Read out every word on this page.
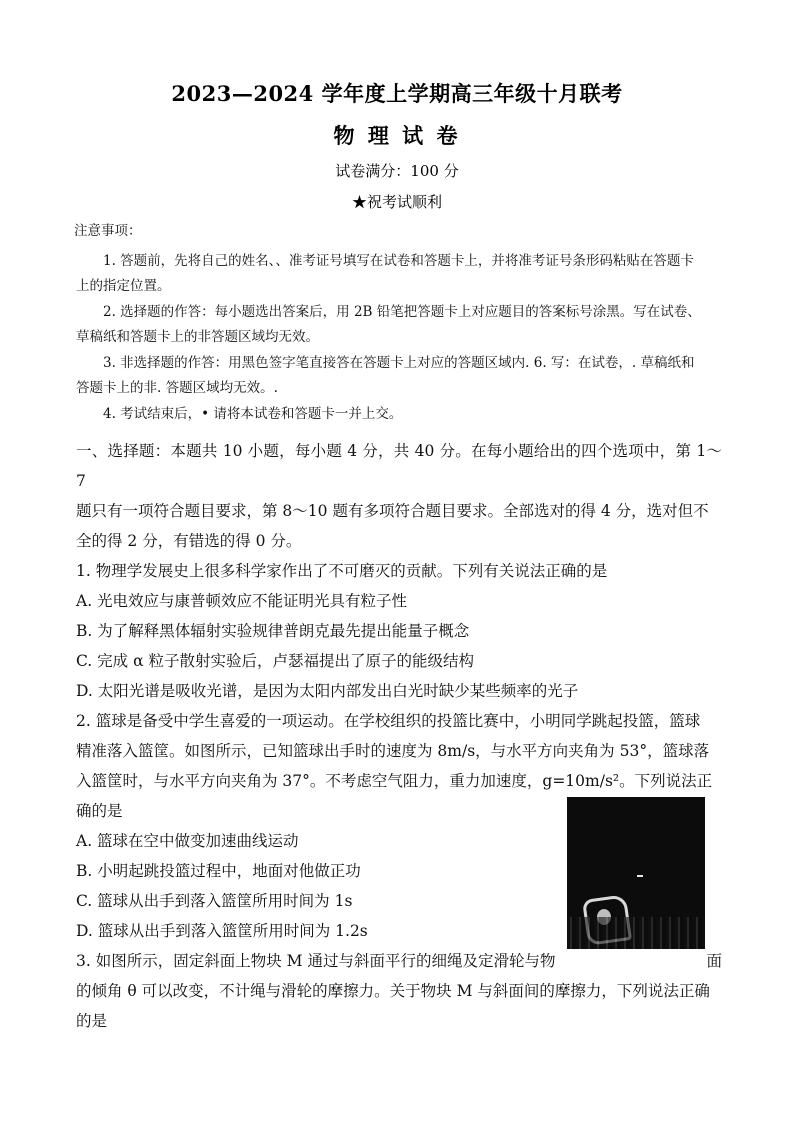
2023—2024 学年度上学期高三年级十月联考
物 理 试 卷
试卷满分：100 分
★祝考试顺利

注意事项：

1. 答题前，先将自己的姓名、、准考证号填写在试卷和答题卡上，并将准考证号条形码粘贴在答题卡

上的指定位置。

2. 选择题的作答：每小题选出答案后，用 2B 铅笔把答题卡上对应题目的答案标号涂黑。写在试卷、

草稿纸和答题卡上的非答题区域均无效。

3. 非选择题的作答：用黑色签字笔直接答在答题卡上对应的答题区域内. 6. 写：在试卷，. 草稿纸和

答题卡上的非. 答题区域均无效。.

4. 考试结束后，• 请将本试卷和答题卡一并上交。

一、选择题：本题共 10 小题，每小题 4 分，共 40 分。在每小题给出的四个选项中，第 1～7

题只有一项符合题目要求，第 8～10 题有多项符合题目要求。全部选对的得 4 分，选对但不

全的得 2 分，有错选的得 0 分。

1. 物理学发展史上很多科学家作出了不可磨灭的贡献。下列有关说法正确的是

A. 光电效应与康普顿效应不能证明光具有粒子性

B. 为了解释黑体辐射实验规律普朗克最先提出能量子概念

C. 完成 α 粒子散射实验后，卢瑟福提出了原子的能级结构

D. 太阳光谱是吸收光谱，是因为太阳内部发出白光时缺少某些频率的光子

2. 篮球是备受中学生喜爱的一项运动。在学校组织的投篮比赛中，小明同学跳起投篮，篮球

精准落入篮筐。如图所示，已知篮球出手时的速度为 8m/s，与水平方向夹角为 53°，篮球落

入篮筐时，与水平方向夹角为 37°。不考虑空气阻力，重力加速度，g=10m/s²。下列说法正

确的是

A. 篮球在空中做变加速曲线运动

B. 小明起跳投篮过程中，地面对他做正功

C. 篮球从出手到落入篮筐所用时间为 1s

D. 篮球从出手到落入篮筐所用时间为 1.2s

3. 如图所示，固定斜面上物块 M 通过与斜面平行的细绳及定滑轮与物	面

的倾角 θ 可以改变，不计绳与滑轮的摩擦力。关于物块 M 与斜面间的摩擦力，下列说法正确

的是
